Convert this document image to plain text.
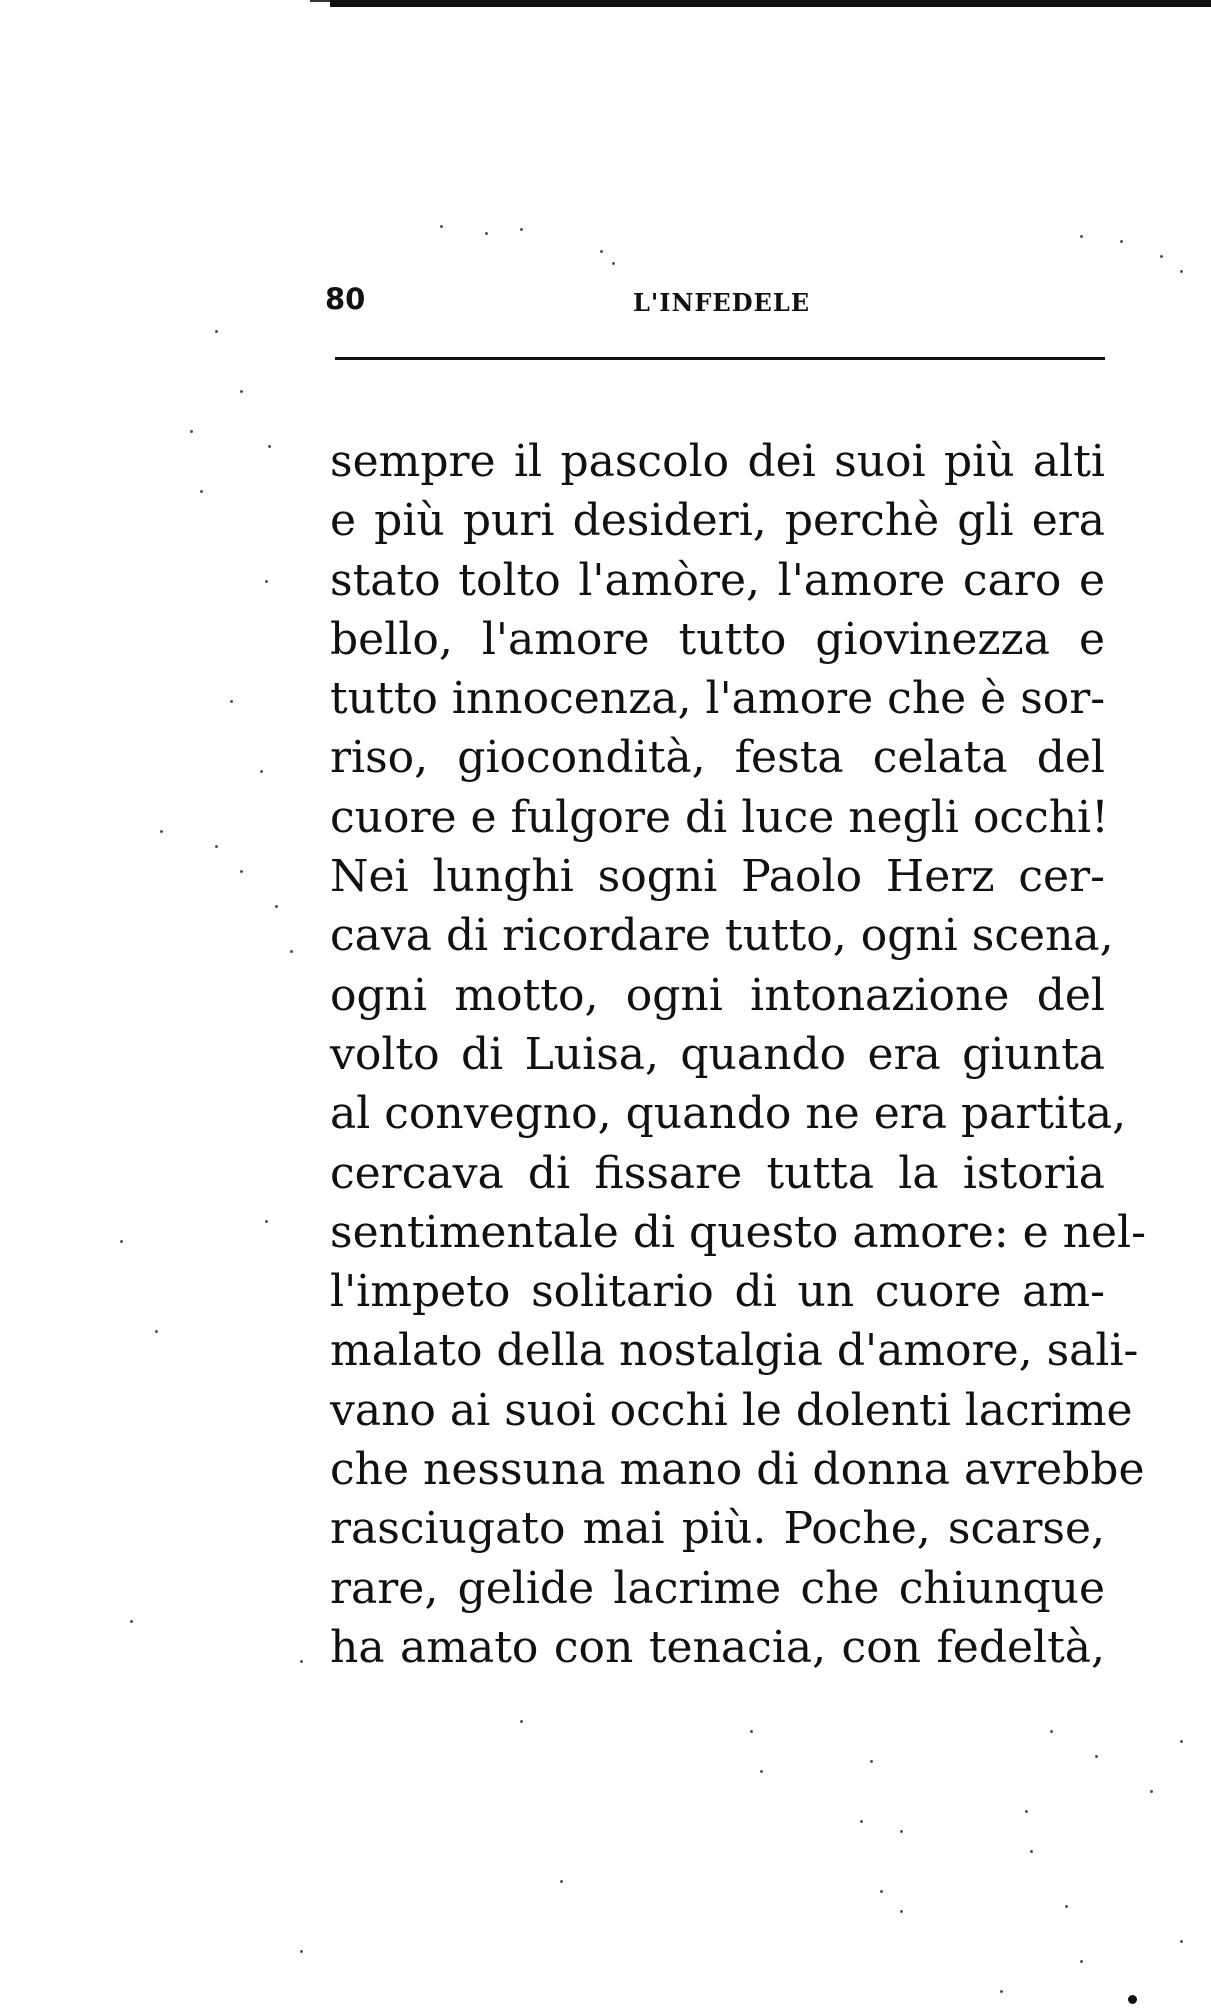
80	L'INFEDELE
sempre il pascolo dei suoi più alti
e più puri desideri, perchè gli era
stato tolto l'amòre, l'amore caro e
bello, l'amore tutto giovinezza e
tutto innocenza, l'amore che è sor-
riso, giocondità, festa celata del
cuore e fulgore di luce negli occhi!
Nei lunghi sogni Paolo Herz cer-
cava di ricordare tutto, ogni scena,
ogni motto, ogni intonazione del
volto di Luisa, quando era giunta
al convegno, quando ne era partita,
cercava di fissare tutta la istoria
sentimentale di questo amore: e nel-
l'impeto solitario di un cuore am-
malato della nostalgia d'amore, sali-
vano ai suoi occhi le dolenti lacrime
che nessuna mano di donna avrebbe
rasciugato mai più. Poche, scarse,
rare, gelide lacrime che chiunque
ha amato con tenacia, con fedeltà,
